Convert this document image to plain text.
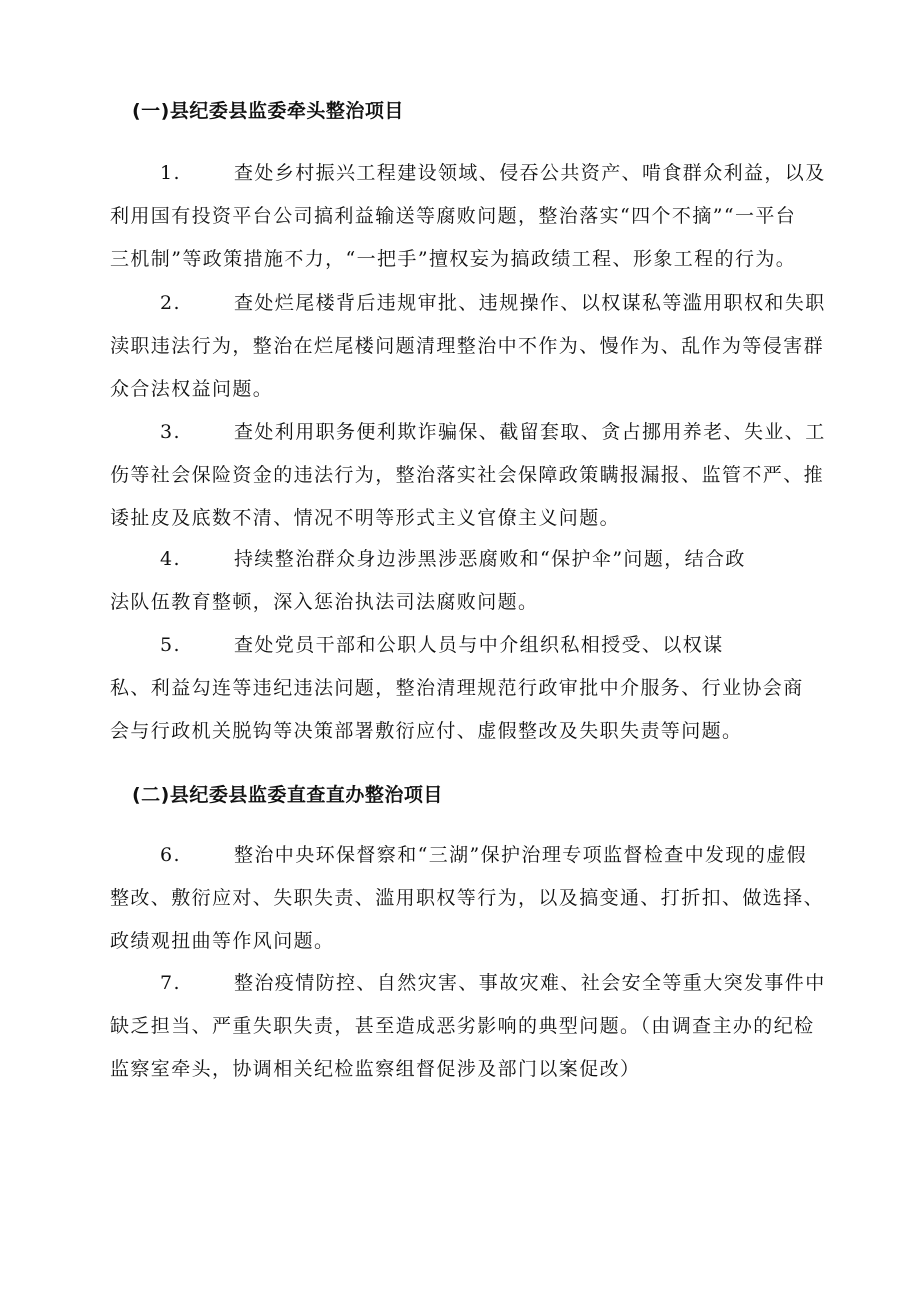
(一)县纪委县监委牵头整治项目
1.	查处乡村振兴工程建设领域、侵吞公共资产、啃食群众利益，以及
利用国有投资平台公司搞利益输送等腐败问题，整治落实“四个不摘”“一平台
三机制”等政策措施不力，“一把手”擅权妄为搞政绩工程、形象工程的行为。
2.	查处烂尾楼背后违规审批、违规操作、以权谋私等滥用职权和失职
渎职违法行为，整治在烂尾楼问题清理整治中不作为、慢作为、乱作为等侵害群
众合法权益问题。
3.	查处利用职务便利欺诈骗保、截留套取、贪占挪用养老、失业、工
伤等社会保险资金的违法行为，整治落实社会保障政策瞒报漏报、监管不严、推
诿扯皮及底数不清、情况不明等形式主义官僚主义问题。
4.	持续整治群众身边涉黑涉恶腐败和“保护伞”问题，结合政
法队伍教育整顿，深入惩治执法司法腐败问题。
5.	查处党员干部和公职人员与中介组织私相授受、以权谋
私、利益勾连等违纪违法问题，整治清理规范行政审批中介服务、行业协会商
会与行政机关脱钩等决策部署敷衍应付、虚假整改及失职失责等问题。
(二)县纪委县监委直查直办整治项目
6.	整治中央环保督察和“三湖”保护治理专项监督检查中发现的虚假
整改、敷衍应对、失职失责、滥用职权等行为，以及搞变通、打折扣、做选择、
政绩观扭曲等作风问题。
7.	整治疫情防控、自然灾害、事故灾难、社会安全等重大突发事件中
缺乏担当、严重失职失责，甚至造成恶劣影响的典型问题。（由调查主办的纪检
监察室牵头，协调相关纪检监察组督促涉及部门以案促改）
